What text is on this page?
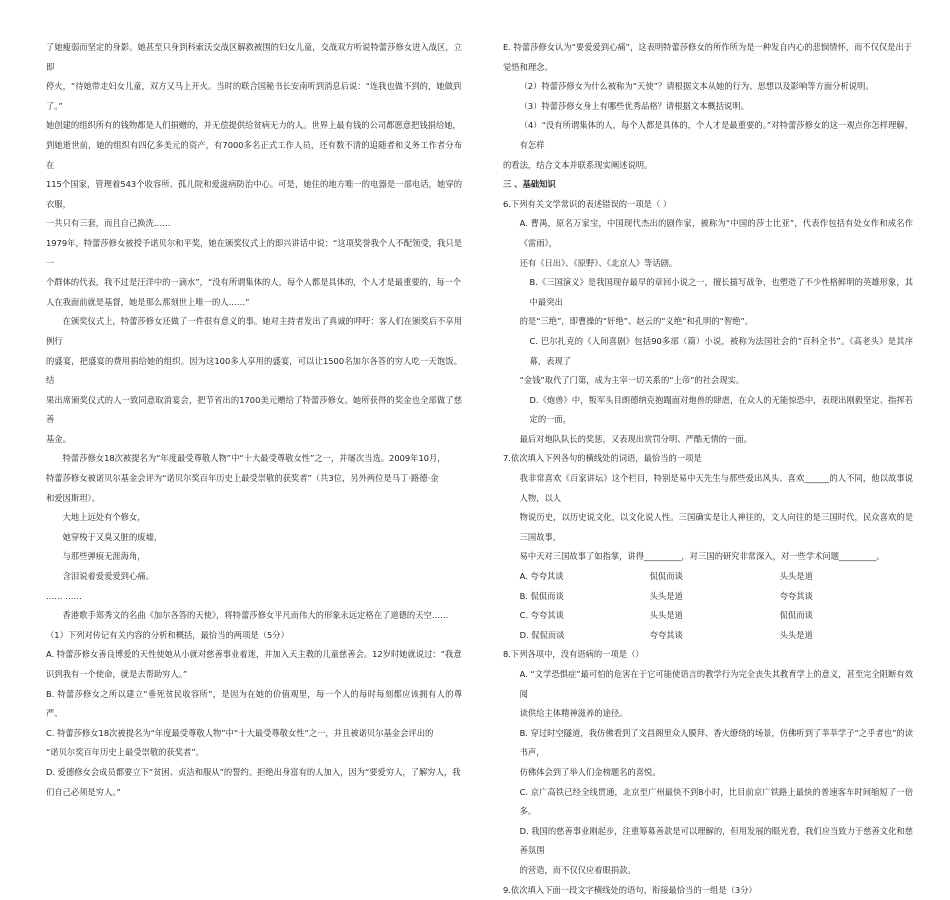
了她瘦弱而坚定的身影。她甚至只身到科索沃交战区解救被围的妇女儿童，交战双方听说特蕾莎修女进入战区，立即

停火，“待她带走妇女儿童，双方又马上开火。当时的联合国秘书长安南听到消息后说：“连我也做不到的，她做到

了。”

她创建的组织所有的钱物都是人们捐赠的，并无偿提供给贫病无力的人。世界上最有钱的公司都愿意把钱捐给她，

到她逝世前，她的组织有四亿多美元的资产，有7000多名正式工作人员，还有数不清的追随者和义务工作者分布在

115个国家，管理着543个收容所、孤儿院和爱滋病防治中心。可是，她住的地方唯一的电器是一部电话，她穿的衣服，

一共只有三套，而且自己换洗……

1979年，特蕾莎修女被授予诺贝尔和平奖，她在颁奖仪式上的即兴讲话中说：“这项奖誉我个人不配领受，我只是一

个群体的代表，我不过是汪洋中的一滴水”，“没有所谓集体的人，每个人都是具体的，个人才是最重要的，每一个

人在我面前就是基督，她是那么那刻世上唯一的人……”

在颁奖仪式上，特蕾莎修女还做了一件很有意义的事。她对主持者发出了真诚的呼吁：客人们在颁奖后不享用例行

的盛宴，把盛宴的费用捐给她的组织。因为这100多人享用的盛宴，可以让1500名加尔各答的穷人吃一天饱饭。结

果出席颁奖仪式的人一致同意取消宴会，把节省出的1700美元赠给了特蕾莎修女。她所获得的奖金也全部做了慈善

基金。

特蕾莎修女18次被提名为“年度最受尊敬人物”中“十大最受尊敬女性”之一，并屡次当选。2009年10月，

特蕾莎修女被诺贝尔基金会评为“诺贝尔奖百年历史上最受崇敬的获奖者”（共3位，另外两位是马丁·路德·金

和爱因斯坦）。

大地上远处有个修女，

她穿梭于又臭又脏的废墟，

与那些弹痕无涯海角，

含泪说着爱爱爱到心痛。

…… ……

香港歌手郑秀文的名曲《加尔各答的天使》，将特蕾莎修女平凡而伟大的形象永远定格在了道德的天空……

（1）下列对传记有关内容的分析和概括，最恰当的两项是（5分）

A. 特蕾莎修女善良博爱的天性使她从小就对慈善事业着迷，并加入天主教的儿童慈善会。12岁时她就说过：“我意

识到我有一个使命，就是去帮助穷人。”

B. 特蕾莎修女之所以建立“垂死贫民收容所”，是因为在她的价值观里，每一个人的每时每刻都应该拥有人的尊严。

C. 特蕾莎修女18次被提名为“年度最受尊敬人物”中“十大最受尊敬女性”之一，并且被诺贝尔基金会评出的

“诺贝尔奖百年历史上最受崇敬的获奖者”。

D. 爱德修女会成员都要立下“贫困、贞洁和服从”的誓约。拒绝出身富有的人加入，因为“要爱穷人，了解穷人，我

们自己必须是穷人。”

E. 特蕾莎修女认为“要爱爱到心痛”，这表明特蕾莎修女的所作所为是一种发自内心的悲悯情怀，而不仅仅是出于

觉悟和理念。

（2）特蕾莎修女为什么被称为“天使”？请根据文本从她的行为、思想以及影响等方面分析说明。

（3）特蕾莎修女身上有哪些优秀品格？请根据文本概括说明。

（4）“没有所谓集体的人，每个人都是具体的，个人才是最重要的。”对特蕾莎修女的这一观点你怎样理解，有怎样

的看法，结合文本并联系现实阐述说明。

三 、基础知识

6.下列有关文学常识的表述错误的一项是（ ）

A. 曹禺，原名万家宝，中国现代杰出的剧作家，被称为“中国的莎士比亚”，代表作包括有处女作和成名作《雷雨》，

还有《日出》、《原野》、《北京人》等话剧。

B.《三国演义》是我国现存最早的章回小说之一，擅长描写战争，也塑造了不少性格鲜明的英雄形象，其中最突出

的是“三绝”，即曹操的“奸绝”、赵云的“义绝”和孔明的“智绝”。

C. 巴尔扎克的《人间喜剧》包括90多部（篇）小说，被称为法国社会的“百科全书”。《高老头》是其序幕，表现了

“金钱”取代了门第，成为主宰一切关系的“上帝”的社会现实。

D.《炮兽》中，叛军头目朗德纳克抱蹋面对炮兽的肆虐，在众人的无能惊恐中，表现出刚毅坚定、指挥若定的一面，

最后对炮队队长的奖惩，又表现出赏罚分明、严酷无情的一面。

7.依次填入下列各句的横线处的词语，最恰当的一项是

我非常喜欢《百家讲坛》这个栏目，特别是易中天先生与那些爱出风头、喜欢______的人不同，他以故事说人物，以人

物说历史，以历史说文化，以文化说人性。三国确实是让人神往的，文人向往的是三国时代，民众喜欢的是三国故事，

易中天对三国故事了如指掌，讲得_________，对三国的研究非常深入，对一些学术问题_________。

A. 夸夸其谈	侃侃而谈	头头是道
B. 侃侃而谈	头头是道	夸夸其谈
C. 夸夸其谈	头头是道	侃侃而谈
D. 侃侃而谈	夸夸其谈	头头是道

8.下列各项中，没有语病的一项是（）

A. “文学恐惧症”最可怕的危害在于它可能使语言的教学行为完全丧失其教育学上的意义，甚至完全阻断有效阅

读供给主体精神滋养的途径。

B. 穿过时空隧道，我仿佛看到了文昌阁里众人膜拜、香火缭绕的场景，仿佛听到了莘莘学子“之乎者也”的读书声，

仿佛体会到了举人们金榜题名的喜悦。

C. 京广高铁已经全线贯通，北京至广州最快不到8小时，比目前京广铁路上最快的普速客车时间缩短了一倍多。

D. 我国的慈善事业刚起步，注重筹募善款是可以理解的，但用发展的眼光看，我们应当致力于慈善文化和慈善氛围

的营造，而不仅仅应着眼捐款。

9.依次填入下面一段文字横线处的语句，衔接最恰当的一组是（3分）
